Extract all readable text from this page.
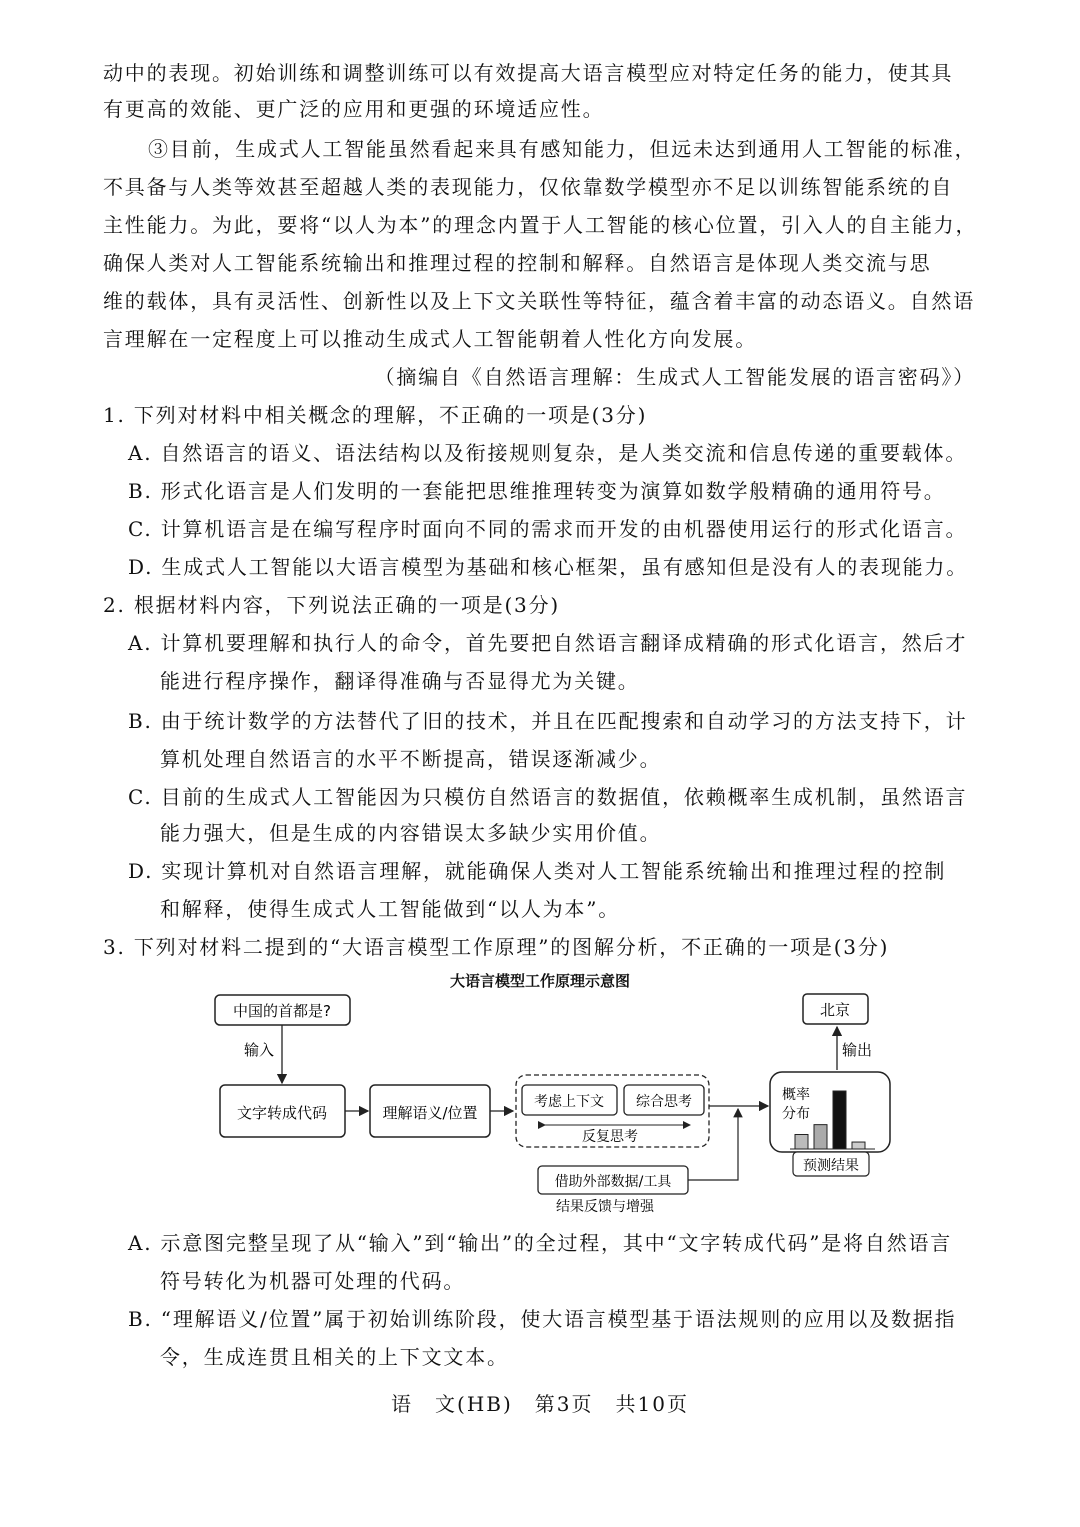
动中的表现。初始训练和调整训练可以有效提高大语言模型应对特定任务的能力，使其具
有更高的效能、更广泛的应用和更强的环境适应性。
③目前，生成式人工智能虽然看起来具有感知能力，但远未达到通用人工智能的标准，
不具备与人类等效甚至超越人类的表现能力，仅依靠数学模型亦不足以训练智能系统的自
主性能力。为此，要将“以人为本”的理念内置于人工智能的核心位置，引入人的自主能力，
确保人类对人工智能系统输出和推理过程的控制和解释。自然语言是体现人类交流与思
维的载体，具有灵活性、创新性以及上下文关联性等特征，蕴含着丰富的动态语义。自然语
言理解在一定程度上可以推动生成式人工智能朝着人性化方向发展。
（摘编自《自然语言理解：生成式人工智能发展的语言密码》）
1. 下列对材料中相关概念的理解，不正确的一项是(3分)
A. 自然语言的语义、语法结构以及衔接规则复杂，是人类交流和信息传递的重要载体。
B. 形式化语言是人们发明的一套能把思维推理转变为演算如数学般精确的通用符号。
C. 计算机语言是在编写程序时面向不同的需求而开发的由机器使用运行的形式化语言。
D. 生成式人工智能以大语言模型为基础和核心框架，虽有感知但是没有人的表现能力。
2. 根据材料内容，下列说法正确的一项是(3分)
A. 计算机要理解和执行人的命令，首先要把自然语言翻译成精确的形式化语言，然后才
能进行程序操作，翻译得准确与否显得尤为关键。
B. 由于统计数学的方法替代了旧的技术，并且在匹配搜索和自动学习的方法支持下，计
算机处理自然语言的水平不断提高，错误逐渐减少。
C. 目前的生成式人工智能因为只模仿自然语言的数据值，依赖概率生成机制，虽然语言
能力强大，但是生成的内容错误太多缺少实用价值。
D. 实现计算机对自然语言理解，就能确保人类对人工智能系统输出和推理过程的控制
和解释，使得生成式人工智能做到“以人为本”。
3. 下列对材料二提到的“大语言模型工作原理”的图解分析，不正确的一项是(3分)
大语言模型工作原理示意图
中国的首都是?
输入
文字转成代码	理解语义/位置
考虑上下文 综合思考
反复思考
借助外部数据/工具
结果反馈与增强
概率
分布
预测结果
输出
北京
A. 示意图完整呈现了从“输入”到“输出”的全过程，其中“文字转成代码”是将自然语言
符号转化为机器可处理的代码。
B. “理解语义/位置”属于初始训练阶段，使大语言模型基于语法规则的应用以及数据指
令，生成连贯且相关的上下文文本。
语　文(HB)　第3页　共10页
